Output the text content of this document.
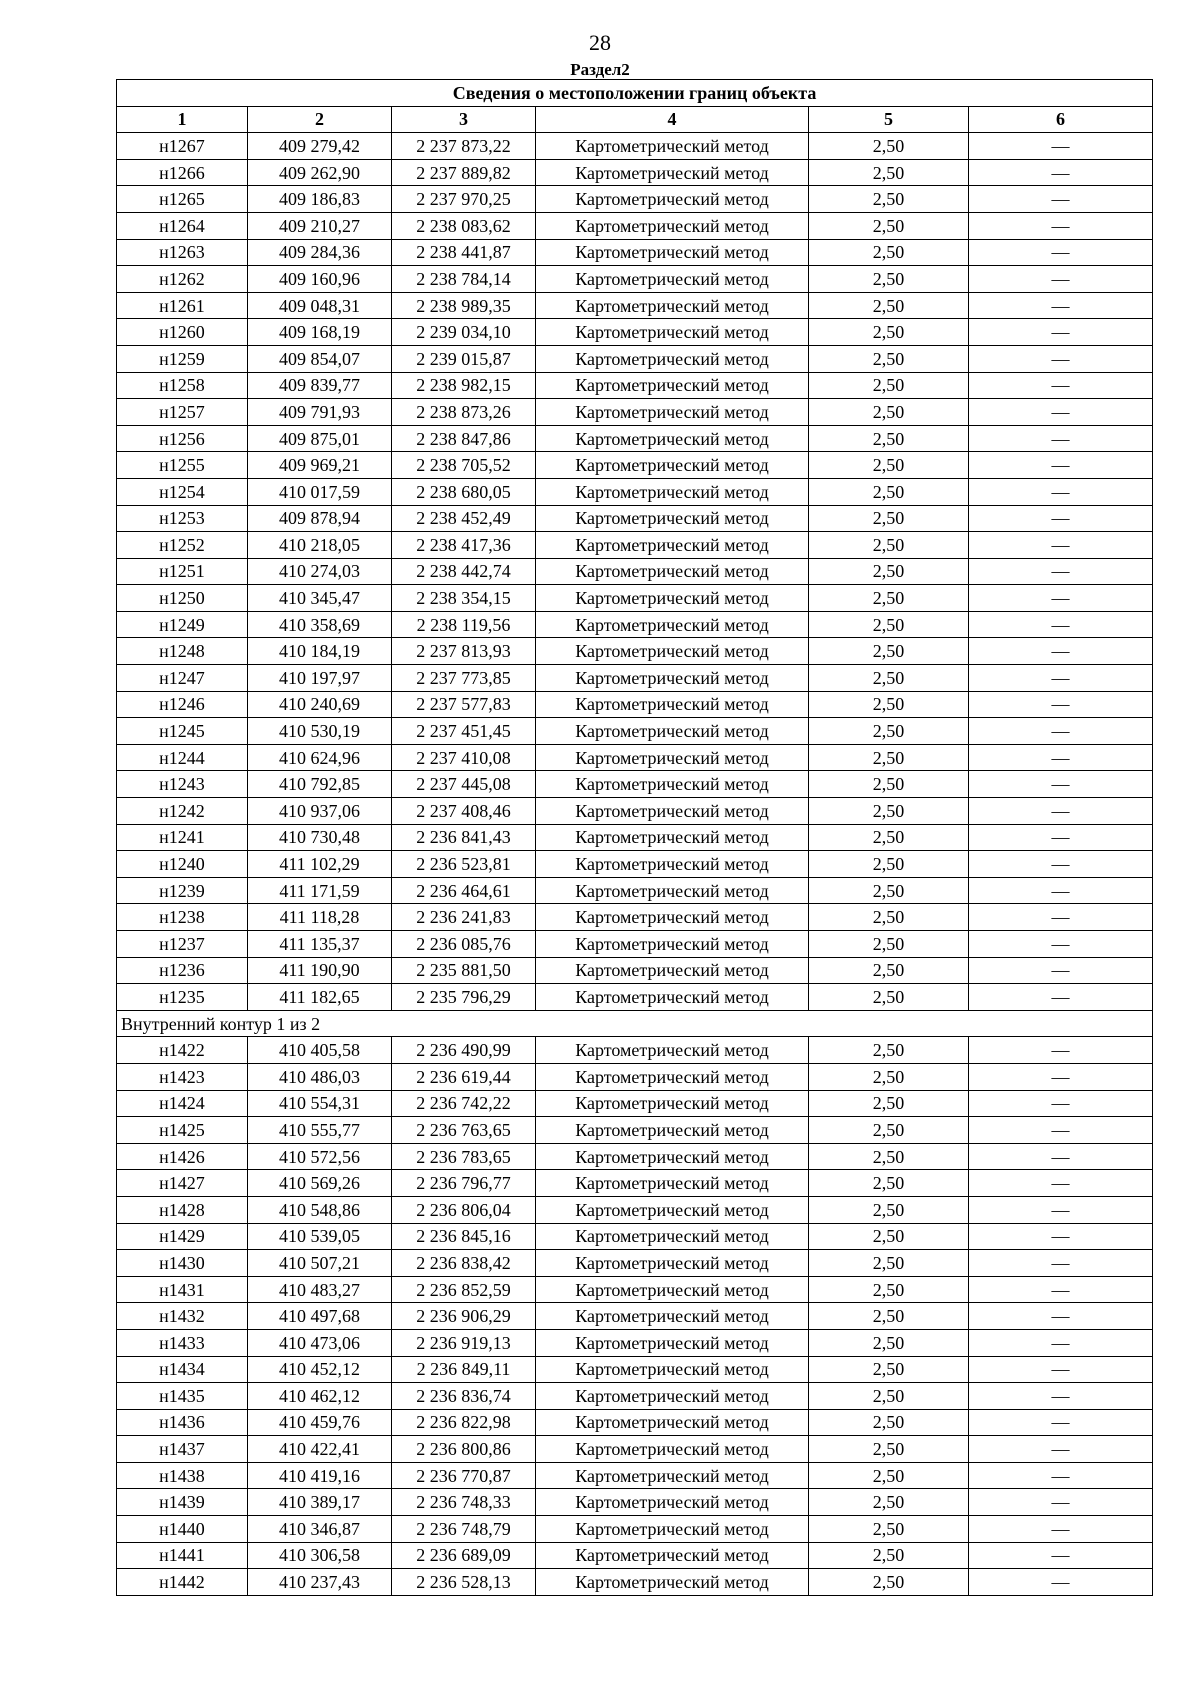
28
Раздел2
Сведения о местоположении границ объекта					
1	2	3	4	5	6
н1267	409 279,42	2 237 873,22	Картометрический метод	2,50	—
н1266	409 262,90	2 237 889,82	Картометрический метод	2,50	—
н1265	409 186,83	2 237 970,25	Картометрический метод	2,50	—
н1264	409 210,27	2 238 083,62	Картометрический метод	2,50	—
н1263	409 284,36	2 238 441,87	Картометрический метод	2,50	—
н1262	409 160,96	2 238 784,14	Картометрический метод	2,50	—
н1261	409 048,31	2 238 989,35	Картометрический метод	2,50	—
н1260	409 168,19	2 239 034,10	Картометрический метод	2,50	—
н1259	409 854,07	2 239 015,87	Картометрический метод	2,50	—
н1258	409 839,77	2 238 982,15	Картометрический метод	2,50	—
н1257	409 791,93	2 238 873,26	Картометрический метод	2,50	—
н1256	409 875,01	2 238 847,86	Картометрический метод	2,50	—
н1255	409 969,21	2 238 705,52	Картометрический метод	2,50	—
н1254	410 017,59	2 238 680,05	Картометрический метод	2,50	—
н1253	409 878,94	2 238 452,49	Картометрический метод	2,50	—
н1252	410 218,05	2 238 417,36	Картометрический метод	2,50	—
н1251	410 274,03	2 238 442,74	Картометрический метод	2,50	—
н1250	410 345,47	2 238 354,15	Картометрический метод	2,50	—
н1249	410 358,69	2 238 119,56	Картометрический метод	2,50	—
н1248	410 184,19	2 237 813,93	Картометрический метод	2,50	—
н1247	410 197,97	2 237 773,85	Картометрический метод	2,50	—
н1246	410 240,69	2 237 577,83	Картометрический метод	2,50	—
н1245	410 530,19	2 237 451,45	Картометрический метод	2,50	—
н1244	410 624,96	2 237 410,08	Картометрический метод	2,50	—
н1243	410 792,85	2 237 445,08	Картометрический метод	2,50	—
н1242	410 937,06	2 237 408,46	Картометрический метод	2,50	—
н1241	410 730,48	2 236 841,43	Картометрический метод	2,50	—
н1240	411 102,29	2 236 523,81	Картометрический метод	2,50	—
н1239	411 171,59	2 236 464,61	Картометрический метод	2,50	—
н1238	411 118,28	2 236 241,83	Картометрический метод	2,50	—
н1237	411 135,37	2 236 085,76	Картометрический метод	2,50	—
н1236	411 190,90	2 235 881,50	Картометрический метод	2,50	—
н1235	411 182,65	2 235 796,29	Картометрический метод	2,50	—
Внутренний контур 1 из 2					
н1422	410 405,58	2 236 490,99	Картометрический метод	2,50	—
н1423	410 486,03	2 236 619,44	Картометрический метод	2,50	—
н1424	410 554,31	2 236 742,22	Картометрический метод	2,50	—
н1425	410 555,77	2 236 763,65	Картометрический метод	2,50	—
н1426	410 572,56	2 236 783,65	Картометрический метод	2,50	—
н1427	410 569,26	2 236 796,77	Картометрический метод	2,50	—
н1428	410 548,86	2 236 806,04	Картометрический метод	2,50	—
н1429	410 539,05	2 236 845,16	Картометрический метод	2,50	—
н1430	410 507,21	2 236 838,42	Картометрический метод	2,50	—
н1431	410 483,27	2 236 852,59	Картометрический метод	2,50	—
н1432	410 497,68	2 236 906,29	Картометрический метод	2,50	—
н1433	410 473,06	2 236 919,13	Картометрический метод	2,50	—
н1434	410 452,12	2 236 849,11	Картометрический метод	2,50	—
н1435	410 462,12	2 236 836,74	Картометрический метод	2,50	—
н1436	410 459,76	2 236 822,98	Картометрический метод	2,50	—
н1437	410 422,41	2 236 800,86	Картометрический метод	2,50	—
н1438	410 419,16	2 236 770,87	Картометрический метод	2,50	—
н1439	410 389,17	2 236 748,33	Картометрический метод	2,50	—
н1440	410 346,87	2 236 748,79	Картометрический метод	2,50	—
н1441	410 306,58	2 236 689,09	Картометрический метод	2,50	—
н1442	410 237,43	2 236 528,13	Картометрический метод	2,50	—
